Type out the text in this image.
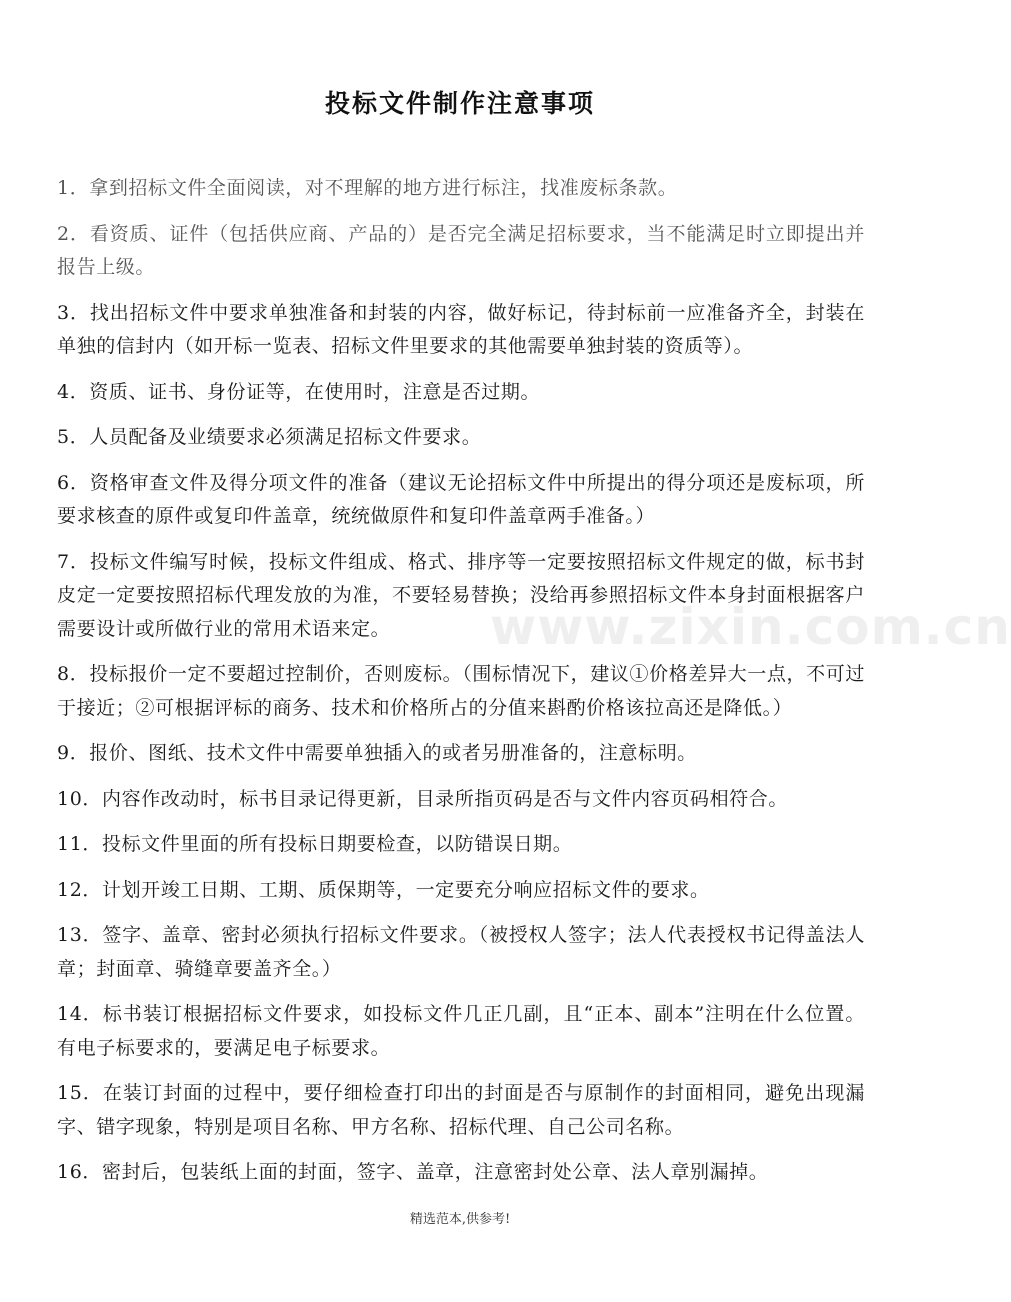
投标文件制作注意事项

1．拿到招标文件全面阅读，对不理解的地方进行标注，找准废标条款。

2．看资质、证件（包括供应商、产品的）是否完全满足招标要求，当不能满足时立即提出并报告上级。

3．找出招标文件中要求单独准备和封装的内容，做好标记，待封标前一应准备齐全，封装在单独的信封内（如开标一览表、招标文件里要求的其他需要单独封装的资质等）。

4．资质、证书、身份证等，在使用时，注意是否过期。

5．人员配备及业绩要求必须满足招标文件要求。

6．资格审查文件及得分项文件的准备（建议无论招标文件中所提出的得分项还是废标项，所要求核查的原件或复印件盖章，统统做原件和复印件盖章两手准备。）

7．投标文件编写时候，投标文件组成、格式、排序等一定要按照招标文件规定的做，标书封皮定一定要按照招标代理发放的为准，不要轻易替换；没给再参照招标文件本身封面根据客户需要设计或所做行业的常用术语来定。

8．投标报价一定不要超过控制价，否则废标。（围标情况下，建议①价格差异大一点，不可过于接近；②可根据评标的商务、技术和价格所占的分值来斟酌价格该拉高还是降低。）

9．报价、图纸、技术文件中需要单独插入的或者另册准备的，注意标明。

10．内容作改动时，标书目录记得更新，目录所指页码是否与文件内容页码相符合。

11．投标文件里面的所有投标日期要检查，以防错误日期。

12．计划开竣工日期、工期、质保期等，一定要充分响应招标文件的要求。

13．签字、盖章、密封必须执行招标文件要求。（被授权人签字；法人代表授权书记得盖法人章；封面章、骑缝章要盖齐全。）

14．标书装订根据招标文件要求，如投标文件几正几副，且“正本、副本”注明在什么位置。有电子标要求的，要满足电子标要求。

15．在装订封面的过程中，要仔细检查打印出的封面是否与原制作的封面相同，避免出现漏字、错字现象，特别是项目名称、甲方名称、招标代理、自己公司名称。

16．密封后，包装纸上面的封面，签字、盖章，注意密封处公章、法人章别漏掉。

www.zixin.com.cn
精选范本,供参考!
